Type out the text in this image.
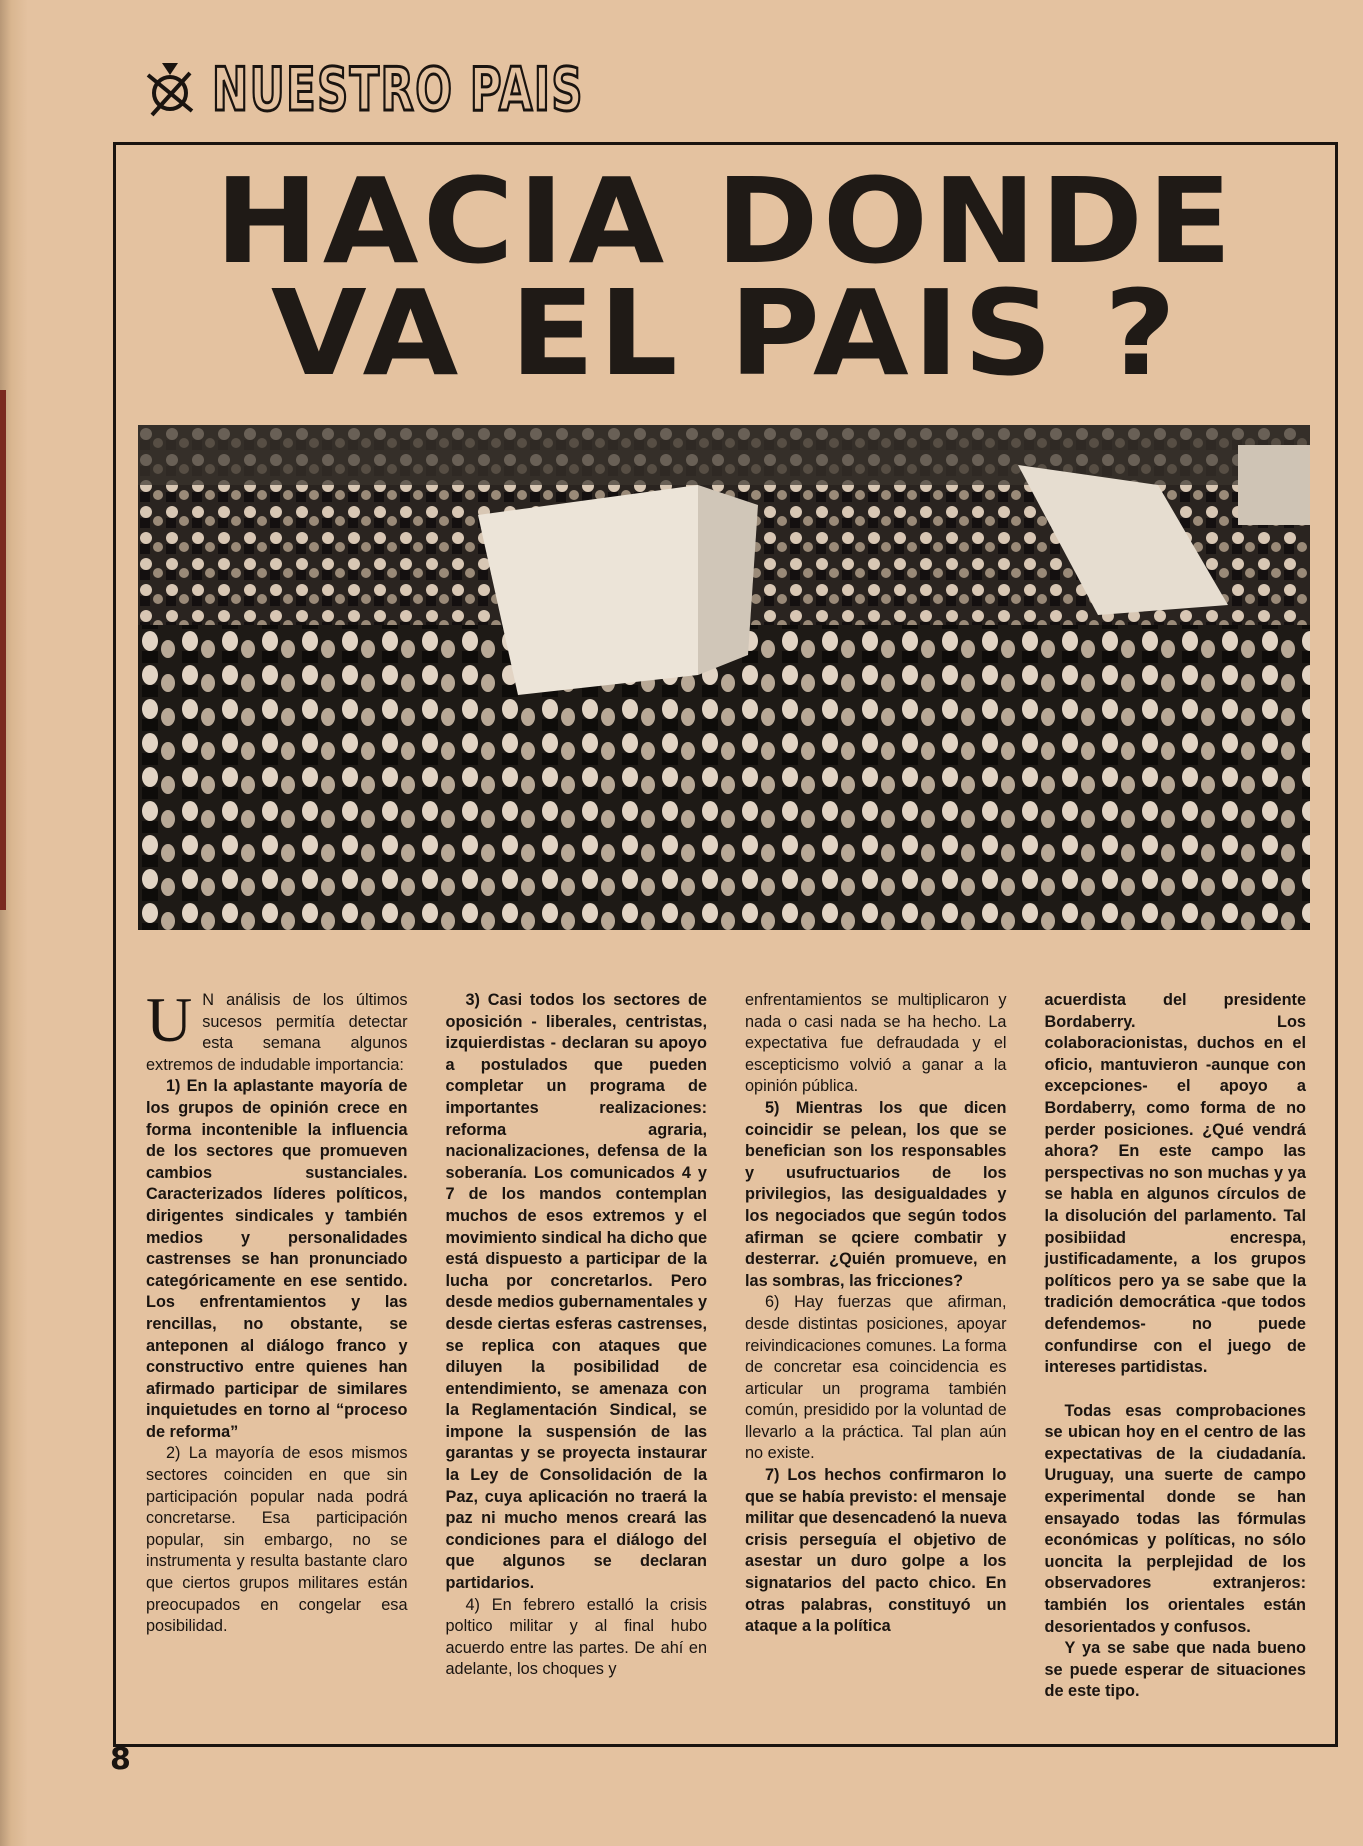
NUESTRO PAIS
HACIA DONDE
VA EL PAIS ?

U N análisis de los últimos sucesos permitía detectar esta semana algunos extremos de indudable importancia:

1) En la aplastante mayoría de los grupos de opinión crece en forma incontenible la influencia de los sectores que promueven cambios sustanciales. Caracterizados líderes políticos, dirigentes sindicales y también medios y personalidades castrenses se han pronunciado categóricamente en ese sentido. Los enfrentamientos y las rencillas, no obstante, se anteponen al diálogo franco y constructivo entre quienes han afirmado participar de similares inquietudes en torno al “proceso de reforma”

2) La mayoría de esos mismos sectores coinciden en que sin participación popular nada podrá concretarse. Esa participación popular, sin embargo, no se instrumenta y resulta bastante claro que ciertos grupos militares están preocupados en congelar esa posibilidad.

3) Casi todos los sectores de oposición - liberales, centristas, izquierdistas - declaran su apoyo a postulados que pueden completar un programa de importantes realizaciones: reforma agraria, nacionalizaciones, defensa de la soberanía. Los comunicados 4 y 7 de los mandos contemplan muchos de esos extremos y el movimiento sindical ha dicho que está dispuesto a participar de la lucha por concretarlos. Pero desde medios gubernamentales y desde ciertas esferas castrenses, se replica con ataques que diluyen la posibilidad de entendimiento, se amenaza con la Reglamentación Sindical, se impone la suspensión de las garantas y se proyecta instaurar la Ley de Consolidación de la Paz, cuya aplicación no traerá la paz ni mucho menos creará las condiciones para el diálogo del que algunos se declaran partidarios.

4) En febrero estalló la crisis poltico militar y al final hubo acuerdo entre las partes. De ahí en adelante, los choques y

enfrentamientos se multiplicaron y nada o casi nada se ha hecho. La expectativa fue defraudada y el escepticismo volvió a ganar a la opinión pública.

5) Mientras los que dicen coincidir se pelean, los que se benefician son los responsables y usufructuarios de los privilegios, las desigualdades y los negociados que según todos afirman se qciere combatir y desterrar. ¿Quién promueve, en las sombras, las fricciones?

6) Hay fuerzas que afirman, desde distintas posiciones, apoyar reivindicaciones comunes. La forma de concretar esa coincidencia es articular un programa también común, presidido por la voluntad de llevarlo a la práctica. Tal plan aún no existe.

7) Los hechos confirmaron lo que se había previsto: el mensaje militar que desencadenó la nueva crisis perseguía el objetivo de asestar un duro golpe a los signatarios del pacto chico. En otras palabras, constituyó un ataque a la política

acuerdista del presidente Bordaberry. Los colaboracionistas, duchos en el oficio, mantuvieron -aunque con excepciones- el apoyo a Bordaberry, como forma de no perder posiciones. ¿Qué vendrá ahora? En este campo las perspectivas no son muchas y ya se habla en algunos círculos de la disolución del parlamento. Tal posibiidad encrespa, justificadamente, a los grupos políticos pero ya se sabe que la tradición democrática -que todos defendemos- no puede confundirse con el juego de intereses partidistas.

Todas esas comprobaciones se ubican hoy en el centro de las expectativas de la ciudadanía. Uruguay, una suerte de campo experimental donde se han ensayado todas las fórmulas económicas y políticas, no sólo uoncita la perplejidad de los observadores extranjeros: también los orientales están desorientados y confusos.

Y ya se sabe que nada bueno se puede esperar de situaciones de este tipo.

8
